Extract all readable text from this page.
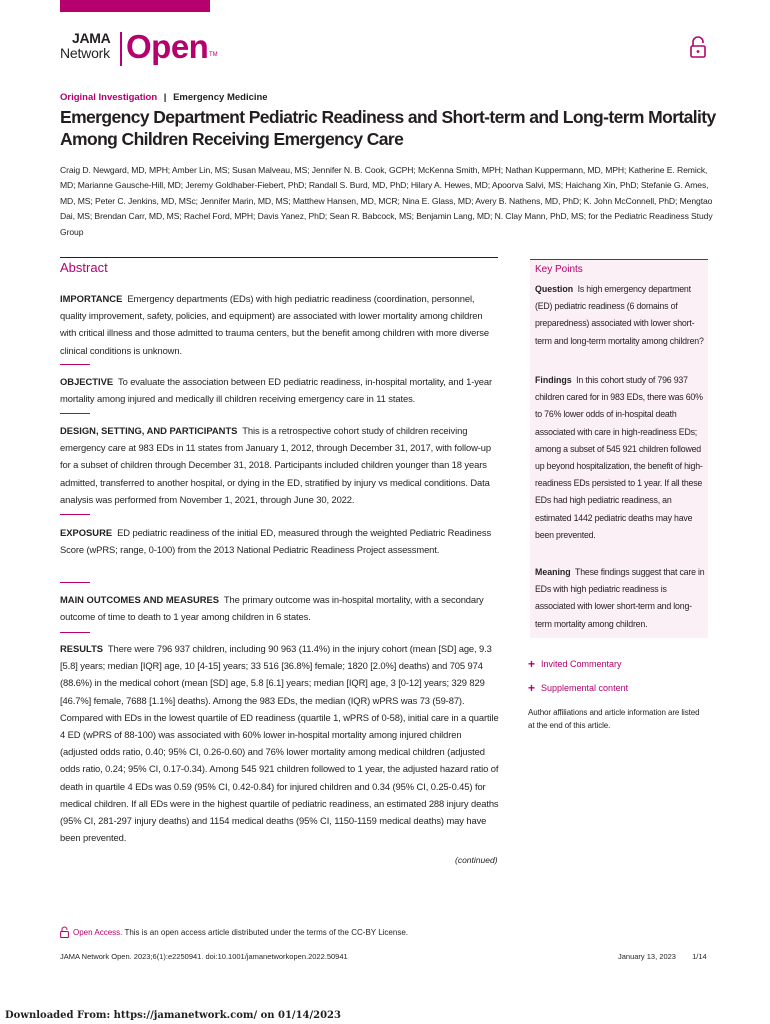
JAMA
Network Open TM
Original Investigation | Emergency Medicine
Emergency Department Pediatric Readiness and Short-term and Long-term Mortality Among Children Receiving Emergency Care

Craig D. Newgard, MD, MPH; Amber Lin, MS; Susan Malveau, MS; Jennifer N. B. Cook, GCPH; McKenna Smith, MPH; Nathan Kuppermann, MD, MPH; Katherine E. Remick, MD; Marianne Gausche-Hill, MD; Jeremy Goldhaber-Fiebert, PhD; Randall S. Burd, MD, PhD; Hilary A. Hewes, MD; Apoorva Salvi, MS; Haichang Xin, PhD; Stefanie G. Ames, MD, MS; Peter C. Jenkins, MD, MSc; Jennifer Marin, MD, MS; Matthew Hansen, MD, MCR; Nina E. Glass, MD; Avery B. Nathens, MD, PhD; K. John McConnell, PhD; Mengtao Dai, MS; Brendan Carr, MD, MS; Rachel Ford, MPH; Davis Yanez, PhD; Sean R. Babcock, MS; Benjamin Lang, MD; N. Clay Mann, PhD, MS; for the Pediatric Readiness Study Group

Abstract

IMPORTANCE Emergency departments (EDs) with high pediatric readiness (coordination, personnel, quality improvement, safety, policies, and equipment) are associated with lower mortality among children with critical illness and those admitted to trauma centers, but the benefit among children with more diverse clinical conditions is unknown.

OBJECTIVE To evaluate the association between ED pediatric readiness, in-hospital mortality, and 1-year mortality among injured and medically ill children receiving emergency care in 11 states.

DESIGN, SETTING, AND PARTICIPANTS This is a retrospective cohort study of children receiving emergency care at 983 EDs in 11 states from January 1, 2012, through December 31, 2017, with follow-up for a subset of children through December 31, 2018. Participants included children younger than 18 years admitted, transferred to another hospital, or dying in the ED, stratified by injury vs medical conditions. Data analysis was performed from November 1, 2021, through June 30, 2022.

EXPOSURE ED pediatric readiness of the initial ED, measured through the weighted Pediatric Readiness Score (wPRS; range, 0-100) from the 2013 National Pediatric Readiness Project assessment.

MAIN OUTCOMES AND MEASURES The primary outcome was in-hospital mortality, with a secondary outcome of time to death to 1 year among children in 6 states.

RESULTS There were 796 937 children, including 90 963 (11.4%) in the injury cohort (mean [SD] age, 9.3 [5.8] years; median [IQR] age, 10 [4-15] years; 33 516 [36.8%] female; 1820 [2.0%] deaths) and 705 974 (88.6%) in the medical cohort (mean [SD] age, 5.8 [6.1] years; median [IQR] age, 3 [0-12] years; 329 829 [46.7%] female, 7688 [1.1%] deaths). Among the 983 EDs, the median (IQR) wPRS was 73 (59-87). Compared with EDs in the lowest quartile of ED readiness (quartile 1, wPRS of 0-58), initial care in a quartile 4 ED (wPRS of 88-100) was associated with 60% lower in-hospital mortality among injured children (adjusted odds ratio, 0.40; 95% CI, 0.26-0.60) and 76% lower mortality among medical children (adjusted odds ratio, 0.24; 95% CI, 0.17-0.34). Among 545 921 children followed to 1 year, the adjusted hazard ratio of death in quartile 4 EDs was 0.59 (95% CI, 0.42-0.84) for injured children and 0.34 (95% CI, 0.25-0.45) for medical children. If all EDs were in the highest quartile of pediatric readiness, an estimated 288 injury deaths (95% CI, 281-297 injury deaths) and 1154 medical deaths (95% CI, 1150-1159 medical deaths) may have been prevented.

(continued)
Key Points

Question Is high emergency department (ED) pediatric readiness (6 domains of preparedness) associated with lower short-term and long-term mortality among children?

Findings In this cohort study of 796 937 children cared for in 983 EDs, there was 60% to 76% lower odds of in-hospital death associated with care in high-readiness EDs; among a subset of 545 921 children followed up beyond hospitalization, the benefit of high-readiness EDs persisted to 1 year. If all these EDs had high pediatric readiness, an estimated 1442 pediatric deaths may have been prevented.

Meaning These findings suggest that care in EDs with high pediatric readiness is associated with lower short-term and long-term mortality among children.

+ Invited Commentary
+ Supplemental content

Author affiliations and article information are listed at the end of this article.

Open Access. This is an open access article distributed under the terms of the CC-BY License.
JAMA Network Open. 2023;6(1):e2250941. doi:10.1001/jamanetworkopen.2022.50941	January 13, 2023 1/14
Downloaded From: https://jamanetwork.com/ on 01/14/2023
